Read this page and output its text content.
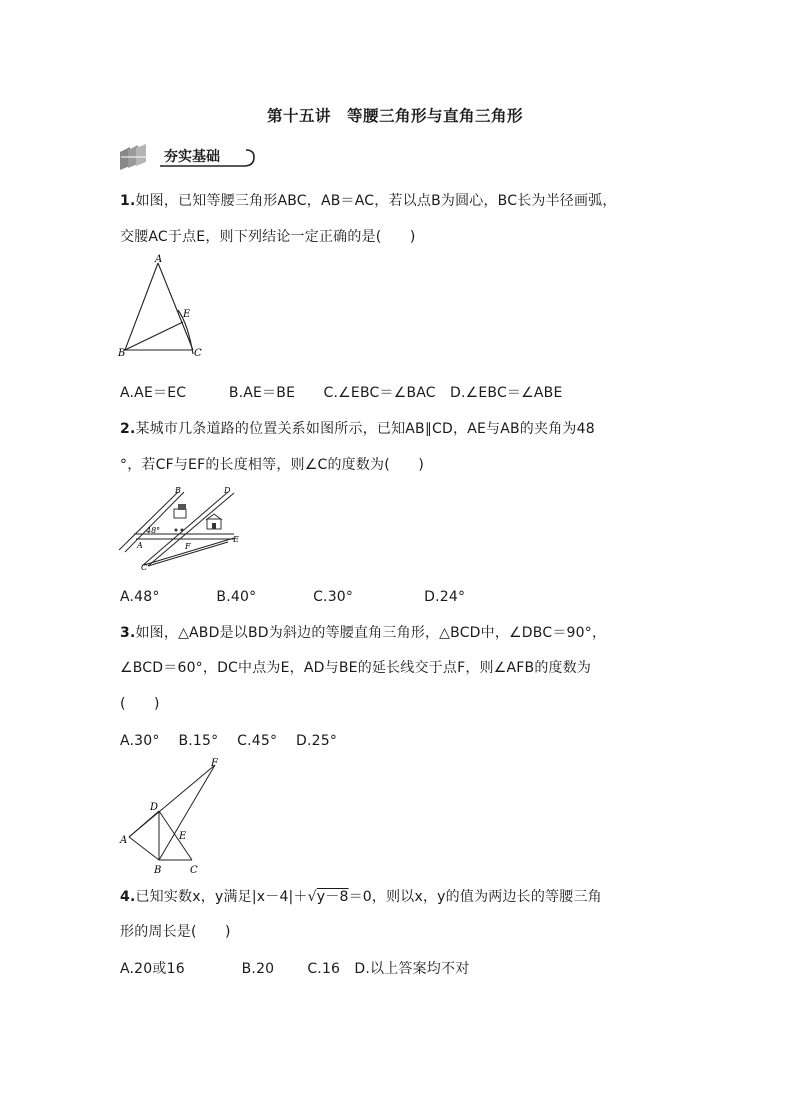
第十五讲　等腰三角形与直角三角形
夯实基础
1.如图，已知等腰三角形ABC，AB＝AC，若以点B为圆心，BC长为半径画弧，
交腰AC于点E，则下列结论一定正确的是(　　)
A
B	C
E
A.AE＝EC　　　B.AE＝BE　　C.∠EBC＝∠BAC　D.∠EBC＝∠ABE
2.某城市几条道路的位置关系如图所示，已知AB∥CD，AE与AB的夹角为48
°，若CF与EF的长度相等，则∠C的度数为(　　)
B	D
A
E
F
C
48°
A.48°　　　　B.40°　　　　C.30°　　　　　D.24°
3.如图，△ABD是以BD为斜边的等腰直角三角形，△BCD中，∠DBC＝90°，
∠BCD＝60°，DC中点为E，AD与BE的延长线交于点F，则∠AFB的度数为
(　　)
A.30°　 B.15°　 C.45°　 D.25°
F
D
A	E
B	C
4.已知实数x，y满足|x－4|＋√y－8＝0，则以x，y的值为两边长的等腰三角
形的周长是(　　)
A.20或16　　　　B.20　　 C.16　D.以上答案均不对
